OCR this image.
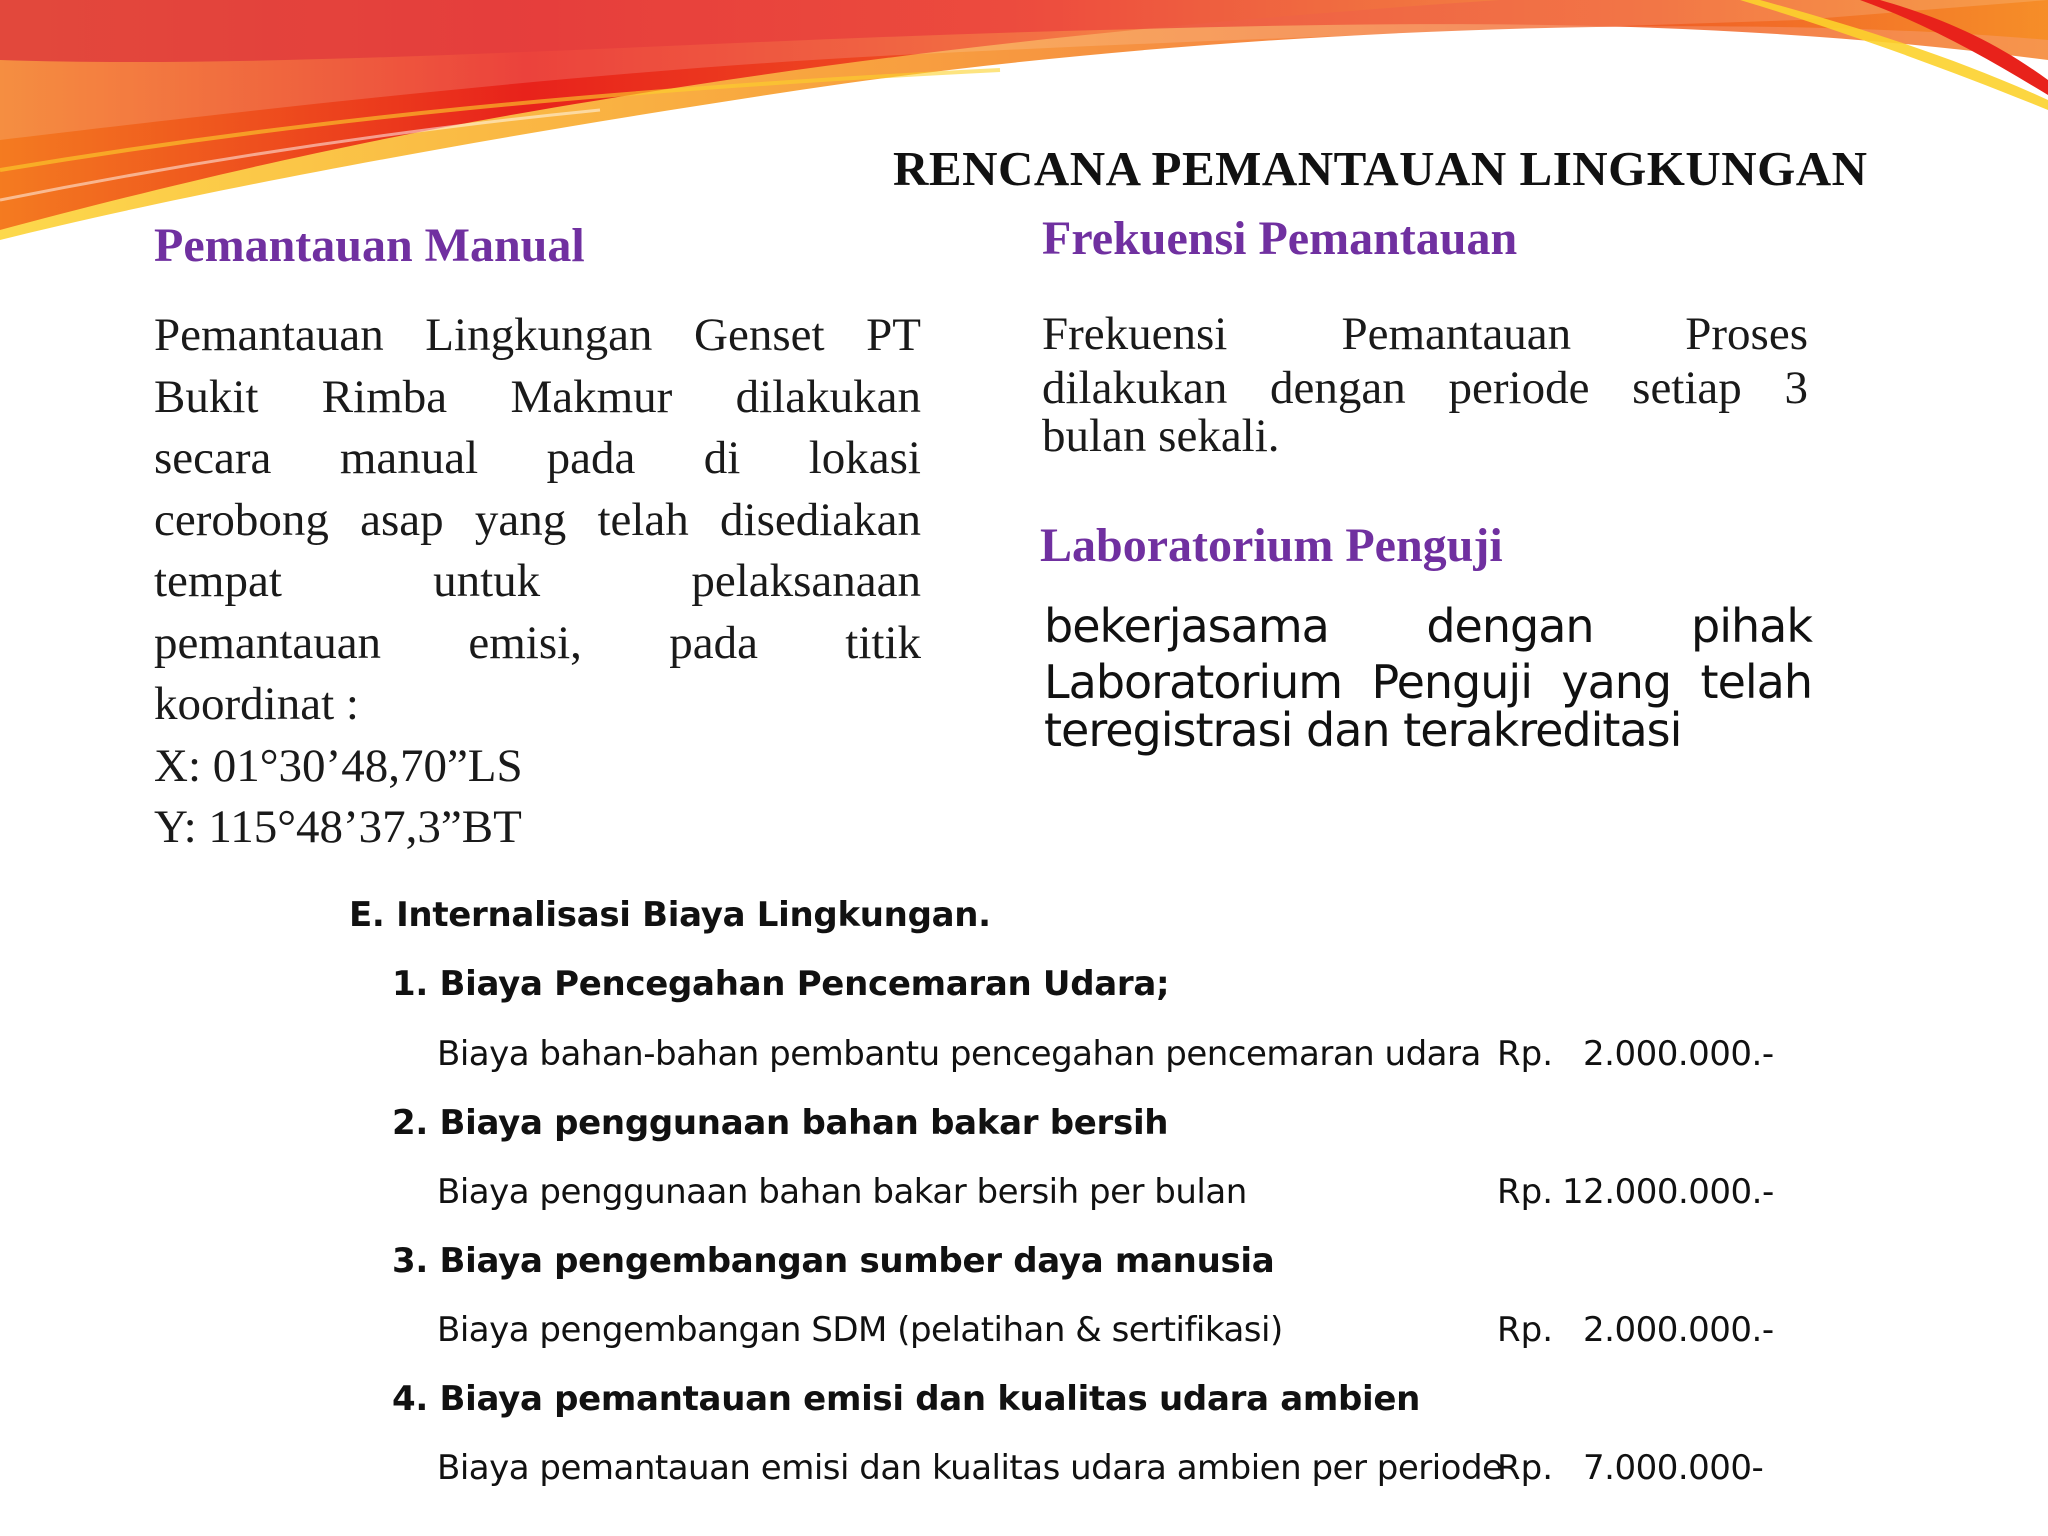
RENCANA PEMANTAUAN LINGKUNGAN
Pemantauan Manual
Pemantauan Lingkungan Genset PT
Bukit Rimba Makmur dilakukan
secara manual pada di lokasi
cerobong asap yang telah disediakan
tempat untuk pelaksanaan
pemantauan emisi, pada titik
koordinat :
X: 01°30’48,70”LS
Y: 115°48’37,3”BT
Frekuensi Pemantauan
Frekuensi Pemantauan Proses
dilakukan dengan periode setiap 3
bulan sekali.
Laboratorium Penguji
bekerjasama dengan pihak
Laboratorium Penguji yang telah
teregistrasi dan terakreditasi
E. Internalisasi Biaya Lingkungan.
1. Biaya Pencegahan Pencemaran Udara;
Biaya bahan-bahan pembantu pencegahan pencemaran udara Rp. 2.000.000.-
2. Biaya penggunaan bahan bakar bersih
Biaya penggunaan bahan bakar bersih per bulan	Rp. 12.000.000.-
3. Biaya pengembangan sumber daya manusia
Biaya pengembangan SDM (pelatihan & sertifikasi)	Rp. 2.000.000.-
4. Biaya pemantauan emisi dan kualitas udara ambien
Biaya pemantauan emisi dan kualitas udara ambien per periode
Rp. 7.000.000-
